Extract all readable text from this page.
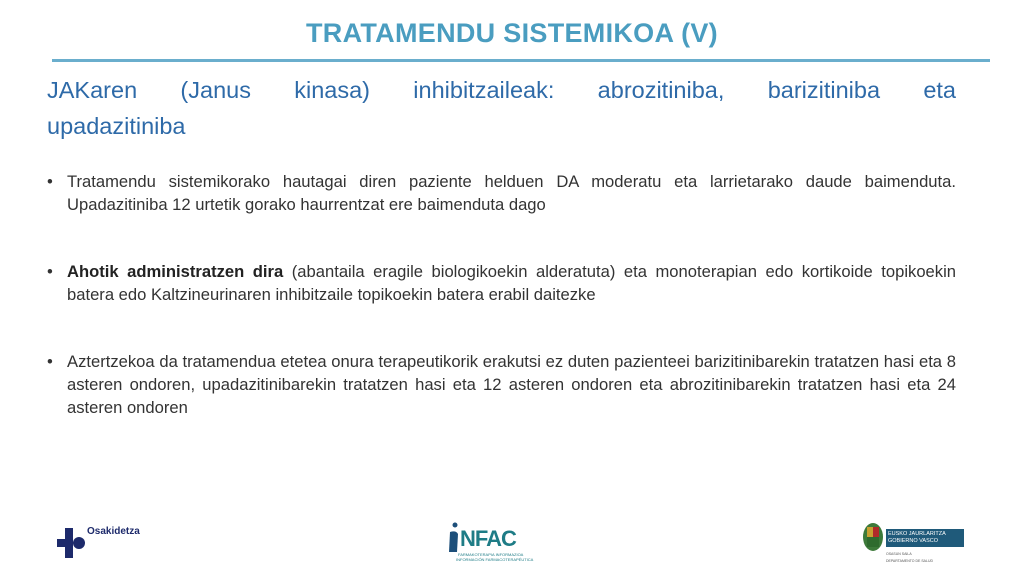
TRATAMENDU SISTEMIKOA (V)
JAKaren (Janus kinasa) inhibitzaileak: abrozitiniba, barizitiniba eta
upadazitiniba
• Tratamendu sistemikorako hautagai diren paziente helduen DA moderatu eta larrietarako daude baimenduta. Upadazitiniba 12 urtetik gorako haurrentzat ere baimenduta dago
• Ahotik administratzen dira (abantaila eragile biologikoekin alderatuta) eta monoterapian edo kortikoide topikoekin batera edo Kaltzineurinaren inhibitzaile topikoekin batera erabil daitezke
• Aztertzekoa da tratamendua etetea onura terapeutikorik erakutsi ez duten pazienteei barizitinibarekin tratatzen hasi eta 8 asteren ondoren, upadazitinibarekin tratatzen hasi eta 12 asteren ondoren eta abrozitinibarekin tratatzen hasi eta 24 asteren ondoren
Osakidetza	NFAC
FARMAKOTERAPIA INFORMAZIOA
INFORMACIÓN FARMACOTERAPÉUTICA
EUSKO JAURLARITZA
GOBIERNO VASCO
OSASUN SAILA
DEPARTAMENTO DE SALUD
